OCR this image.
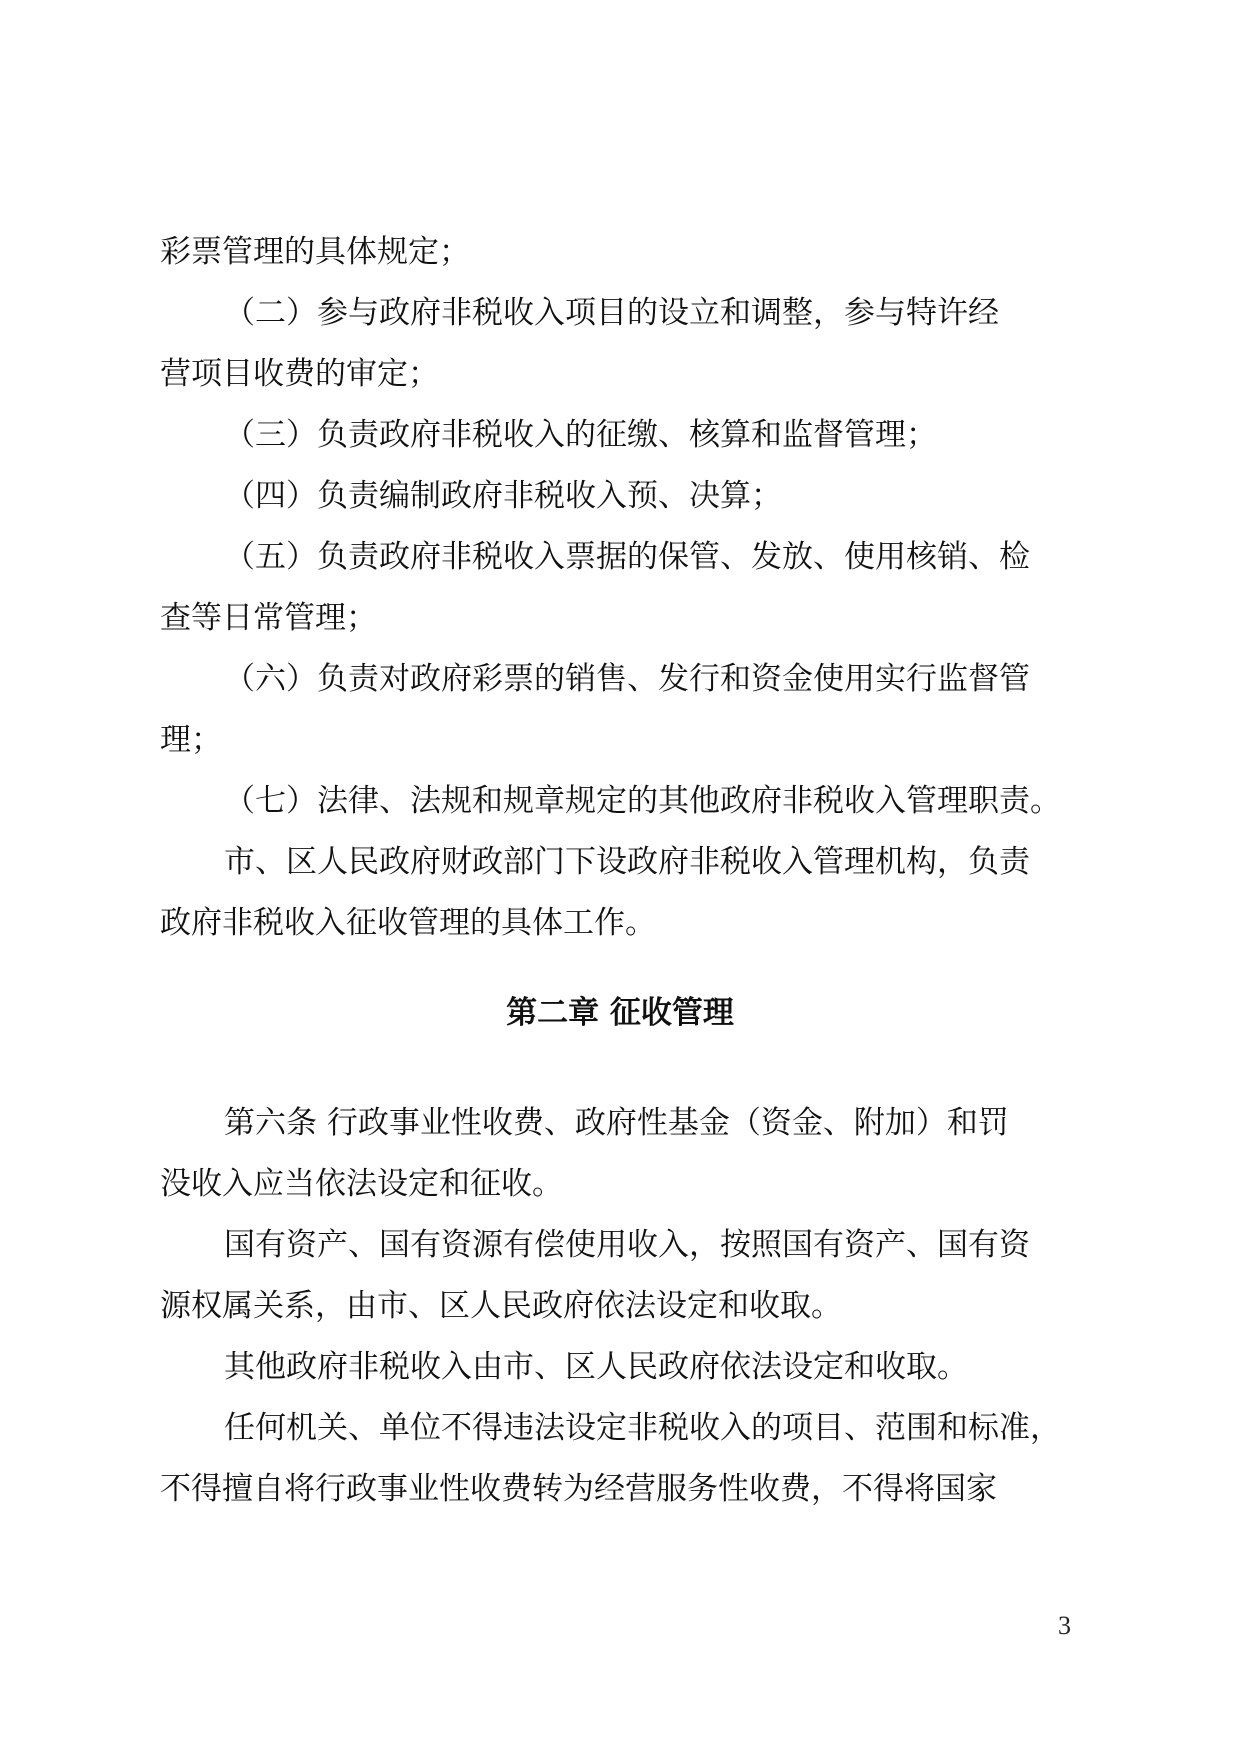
彩票管理的具体规定；

（二）参与政府非税收入项目的设立和调整，参与特许经

营项目收费的审定；

（三）负责政府非税收入的征缴、核算和监督管理；

（四）负责编制政府非税收入预、决算；

（五）负责政府非税收入票据的保管、发放、使用核销、检

查等日常管理；

（六）负责对政府彩票的销售、发行和资金使用实行监督管

理；

（七）法律、法规和规章规定的其他政府非税收入管理职责。

市、区人民政府财政部门下设政府非税收入管理机构，负责

政府非税收入征收管理的具体工作。

第二章 征收管理

第六条 行政事业性收费、政府性基金（资金、附加）和罚

没收入应当依法设定和征收。

国有资产、国有资源有偿使用收入，按照国有资产、国有资

源权属关系，由市、区人民政府依法设定和收取。

其他政府非税收入由市、区人民政府依法设定和收取。

任何机关、单位不得违法设定非税收入的项目、范围和标准，

不得擅自将行政事业性收费转为经营服务性收费，不得将国家

3
